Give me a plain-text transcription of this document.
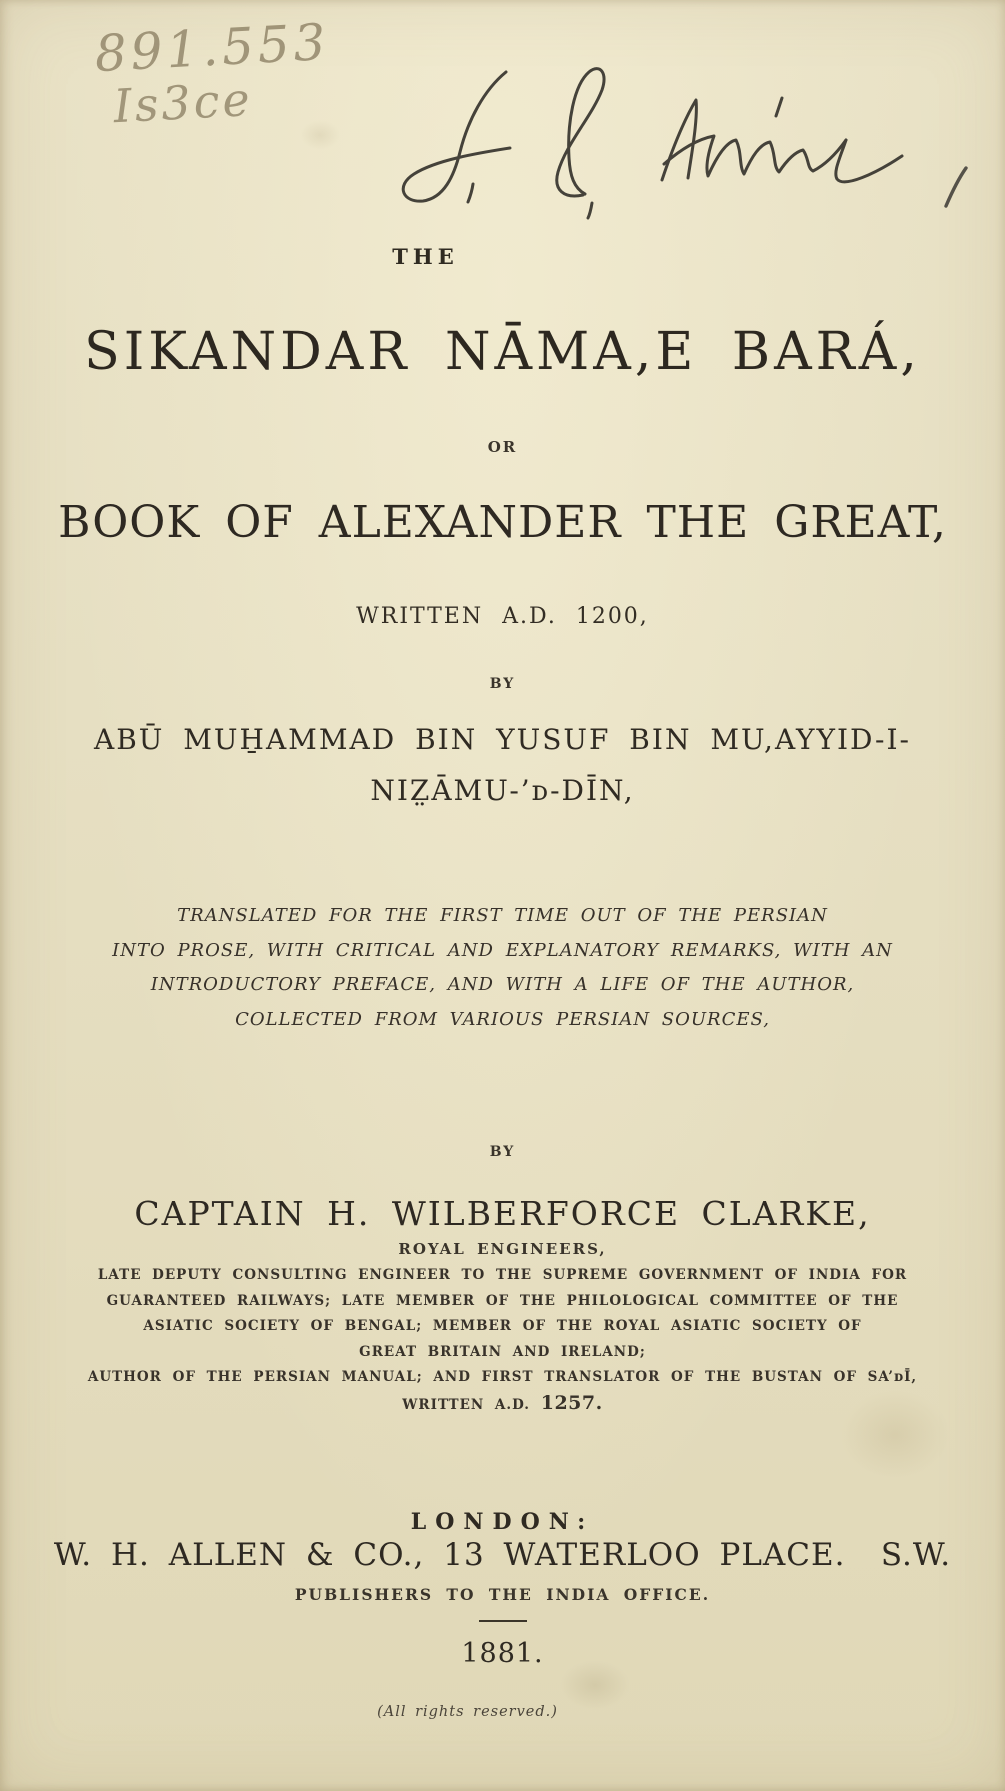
891.553
Is3ce
THE
SIKANDAR NĀMA,E BARÁ,
OR
BOOK OF ALEXANDER THE GREAT,
WRITTEN A.D. 1200,
BY
ABŪ MUH̱AMMAD BIN YUSUF BIN MU,AYYID-I-
NIZ̤ĀMU-’ᴅ-DĪN,
TRANSLATED FOR THE FIRST TIME OUT OF THE PERSIAN
INTO PROSE, WITH CRITICAL AND EXPLANATORY REMARKS, WITH AN
INTRODUCTORY PREFACE, AND WITH A LIFE OF THE AUTHOR,
COLLECTED FROM VARIOUS PERSIAN SOURCES,
BY
CAPTAIN H. WILBERFORCE CLARKE,
ROYAL ENGINEERS,
LATE DEPUTY CONSULTING ENGINEER TO THE SUPREME GOVERNMENT OF INDIA FOR
GUARANTEED RAILWAYS; LATE MEMBER OF THE PHILOLOGICAL COMMITTEE OF THE
ASIATIC SOCIETY OF BENGAL; MEMBER OF THE ROYAL ASIATIC SOCIETY OF
GREAT BRITAIN AND IRELAND;
AUTHOR OF THE PERSIAN MANUAL; AND FIRST TRANSLATOR OF THE BUSTAN OF SA’ᴅĪ,
WRITTEN A.D. 1257.
LONDON:
W. H. ALLEN & CO., 13 WATERLOO PLACE.  S.W.
PUBLISHERS TO THE INDIA OFFICE.
1881.
(All rights reserved.)
